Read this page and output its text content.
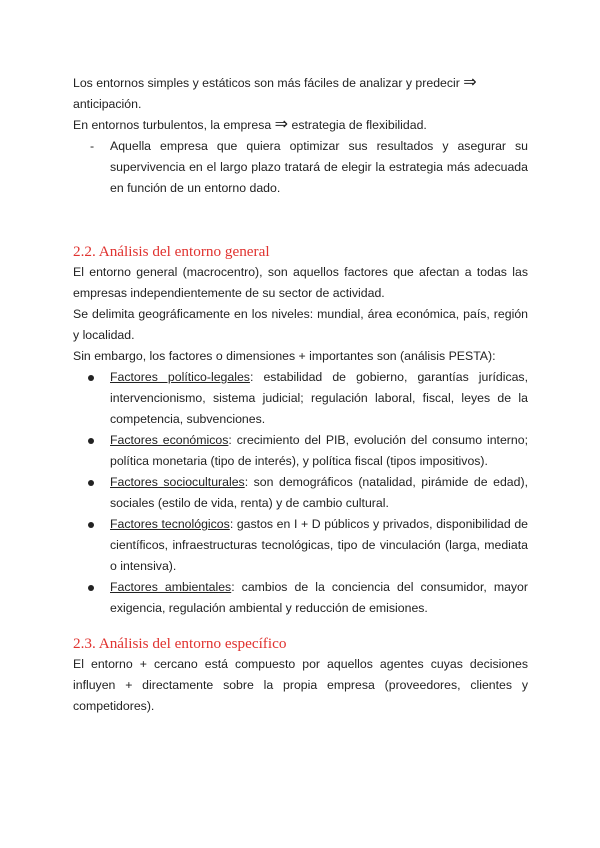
Los entornos simples y estáticos son más fáciles de analizar y predecir ⇒

anticipación.

En entornos turbulentos, la empresa ⇒ estrategia de flexibilidad.

- Aquella empresa que quiera optimizar sus resultados y asegurar su supervivencia en el largo plazo tratará de elegir la estrategia más adecuada en función de un entorno dado.
2.2. Análisis del entorno general

El entorno general (macrocentro), son aquellos factores que afectan a todas las empresas independientemente de su sector de actividad.

Se delimita geográficamente en los niveles: mundial, área económica, país, región y localidad.

Sin embargo, los factores o dimensiones + importantes son (análisis PESTA):

Factores político-legales: estabilidad de gobierno, garantías jurídicas, intervencionismo, sistema judicial; regulación laboral, fiscal, leyes de la competencia, subvenciones.
Factores económicos: crecimiento del PIB, evolución del consumo interno; política monetaria (tipo de interés), y política fiscal (tipos impositivos).
Factores socioculturales: son demográficos (natalidad, pirámide de edad), sociales (estilo de vida, renta) y de cambio cultural.
Factores tecnológicos: gastos en I + D públicos y privados, disponibilidad de científicos, infraestructuras tecnológicas, tipo de vinculación (larga, mediata o intensiva).
Factores ambientales: cambios de la conciencia del consumidor, mayor exigencia, regulación ambiental y reducción de emisiones.
2.3. Análisis del entorno específico

El entorno + cercano está compuesto por aquellos agentes cuyas decisiones influyen + directamente sobre la propia empresa (proveedores, clientes y competidores).
